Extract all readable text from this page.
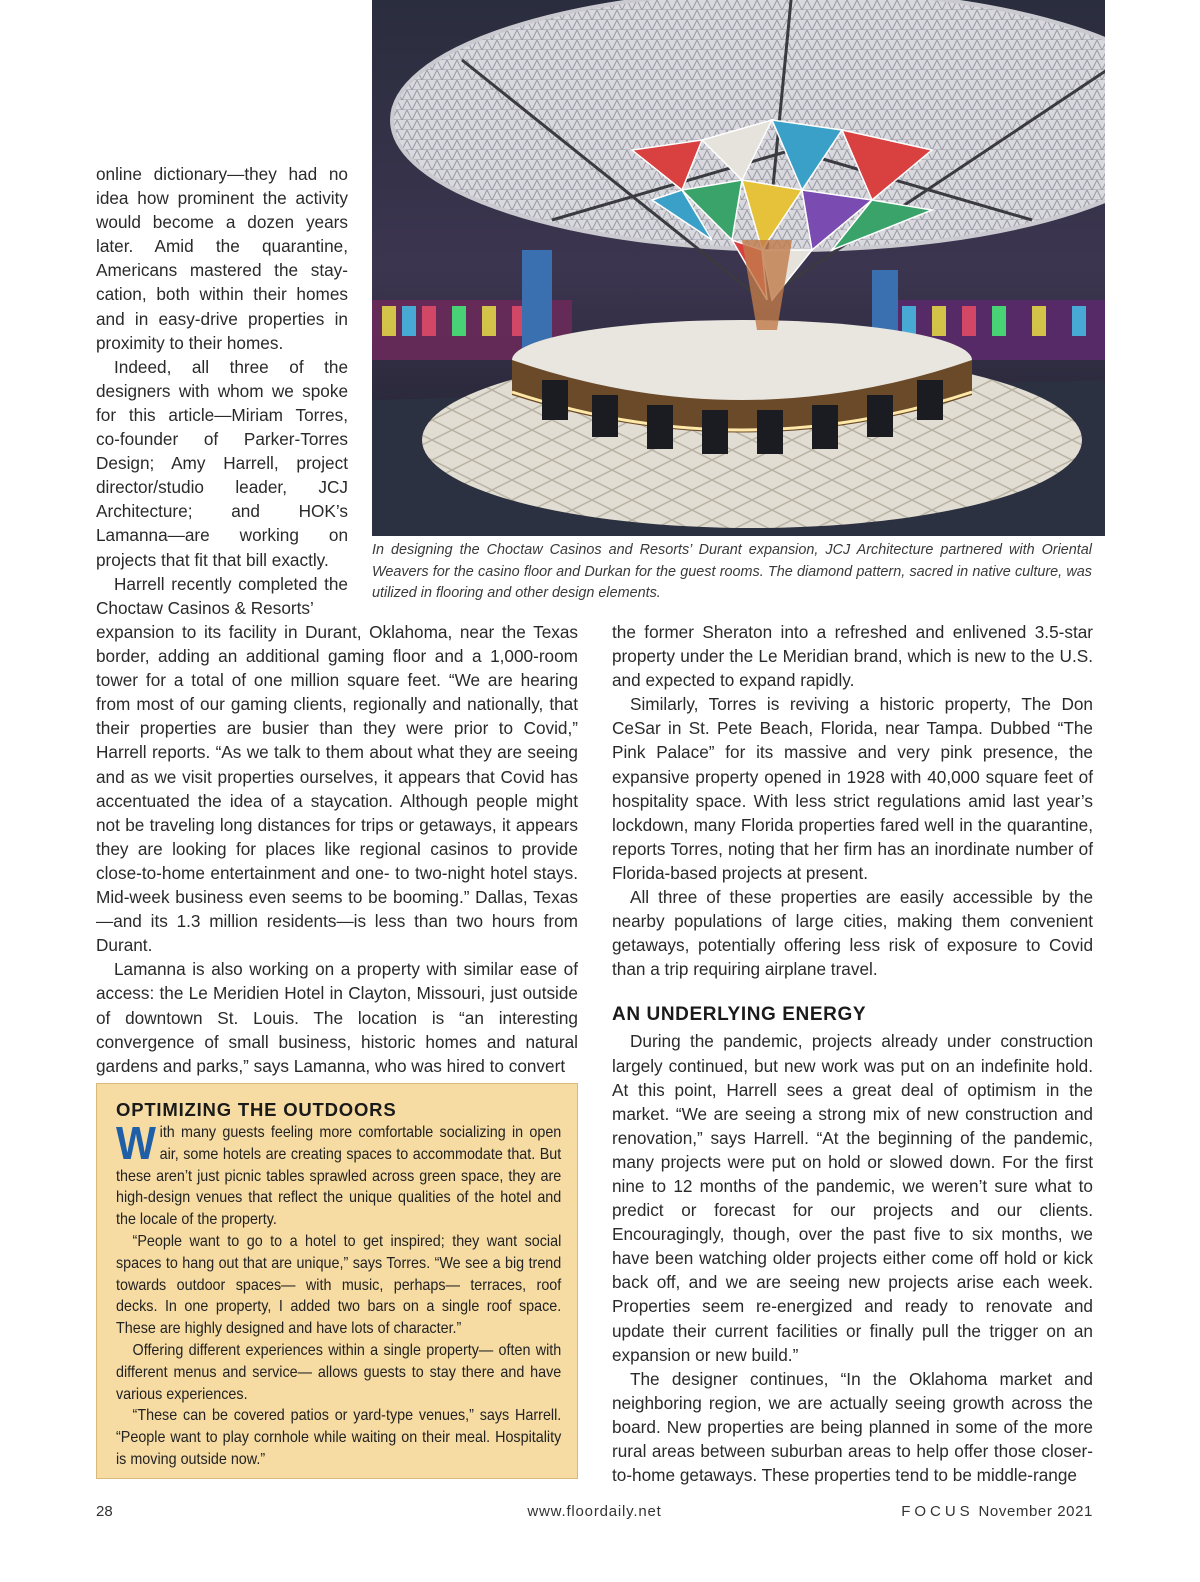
online dictionary—they had no idea how prominent the activity would become a dozen years later. Amid the quarantine, Americans mastered the stay-cation, both within their homes and in easy-drive properties in proximity to their homes.

Indeed, all three of the designers with whom we spoke for this article—Miriam Torres, co-founder of Parker-Torres Design; Amy Harrell, project director/studio leader, JCJ Architecture; and HOK’s Lamanna—are working on projects that fit that bill exactly.

Harrell recently completed the Choctaw Casinos & Resorts’

In designing the Choctaw Casinos and Resorts’ Durant expansion, JCJ Architecture partnered with Oriental Weavers for the casino floor and Durkan for the guest rooms. The diamond pattern, sacred in native culture, was utilized in flooring and other design elements.

expansion to its facility in Durant, Oklahoma, near the Texas border, adding an additional gaming floor and a 1,000-room tower for a total of one million square feet. “We are hearing from most of our gaming clients, regionally and nationally, that their properties are busier than they were prior to Covid,” Harrell reports. “As we talk to them about what they are seeing and as we visit properties ourselves, it appears that Covid has accentuated the idea of a staycation. Although people might not be traveling long distances for trips or getaways, it appears they are looking for places like regional casinos to provide close-to-home entertainment and one- to two-night hotel stays. Mid-week business even seems to be booming.” Dallas, Texas—and its 1.3 million residents—is less than two hours from Durant.

Lamanna is also working on a property with similar ease of access: the Le Meridien Hotel in Clayton, Missouri, just outside of downtown St. Louis. The location is “an interesting convergence of small business, historic homes and natural gardens and parks,” says Lamanna, who was hired to convert

the former Sheraton into a refreshed and enlivened 3.5-star property under the Le Meridian brand, which is new to the U.S. and expected to expand rapidly.

Similarly, Torres is reviving a historic property, The Don CeSar in St. Pete Beach, Florida, near Tampa. Dubbed “The Pink Palace” for its massive and very pink presence, the expansive property opened in 1928 with 40,000 square feet of hospitality space. With less strict regulations amid last year’s lockdown, many Florida properties fared well in the quarantine, reports Torres, noting that her firm has an inordinate number of Florida-based projects at present.

All three of these properties are easily accessible by the nearby populations of large cities, making them convenient getaways, potentially offering less risk of exposure to Covid than a trip requiring airplane travel.

AN UNDERLYING ENERGY

During the pandemic, projects already under construction largely continued, but new work was put on an indefinite hold. At this point, Harrell sees a great deal of optimism in the market. “We are seeing a strong mix of new construction and renovation,” says Harrell. “At the beginning of the pandemic, many projects were put on hold or slowed down. For the first nine to 12 months of the pandemic, we weren’t sure what to predict or forecast for our projects and our clients. Encouragingly, though, over the past five to six months, we have been watching older projects either come off hold or kick back off, and we are seeing new projects arise each week. Properties seem re-energized and ready to renovate and update their current facilities or finally pull the trigger on an expansion or new build.”

The designer continues, “In the Oklahoma market and neighboring region, we are actually seeing growth across the board. New properties are being planned in some of the more rural areas between suburban areas to help offer those closer-to-home getaways. These properties tend to be middle-range

OPTIMIZING THE OUTDOORS

With many guests feeling more comfortable socializing in open air, some hotels are creating spaces to accommodate that. But these aren’t just picnic tables sprawled across green space, they are high-design venues that reflect the unique qualities of the hotel and the locale of the property.

“People want to go to a hotel to get inspired; they want social spaces to hang out that are unique,” says Torres. “We see a big trend towards outdoor spaces— with music, perhaps— terraces, roof decks. In one property, I added two bars on a single roof space. These are highly designed and have lots of character.”

Offering different experiences within a single property— often with different menus and service— allows guests to stay there and have various experiences.

“These can be covered patios or yard-type venues,” says Harrell. “People want to play cornhole while waiting on their meal. Hospitality is moving outside now.”

28	www.floordaily.net	FOCUS November 2021
